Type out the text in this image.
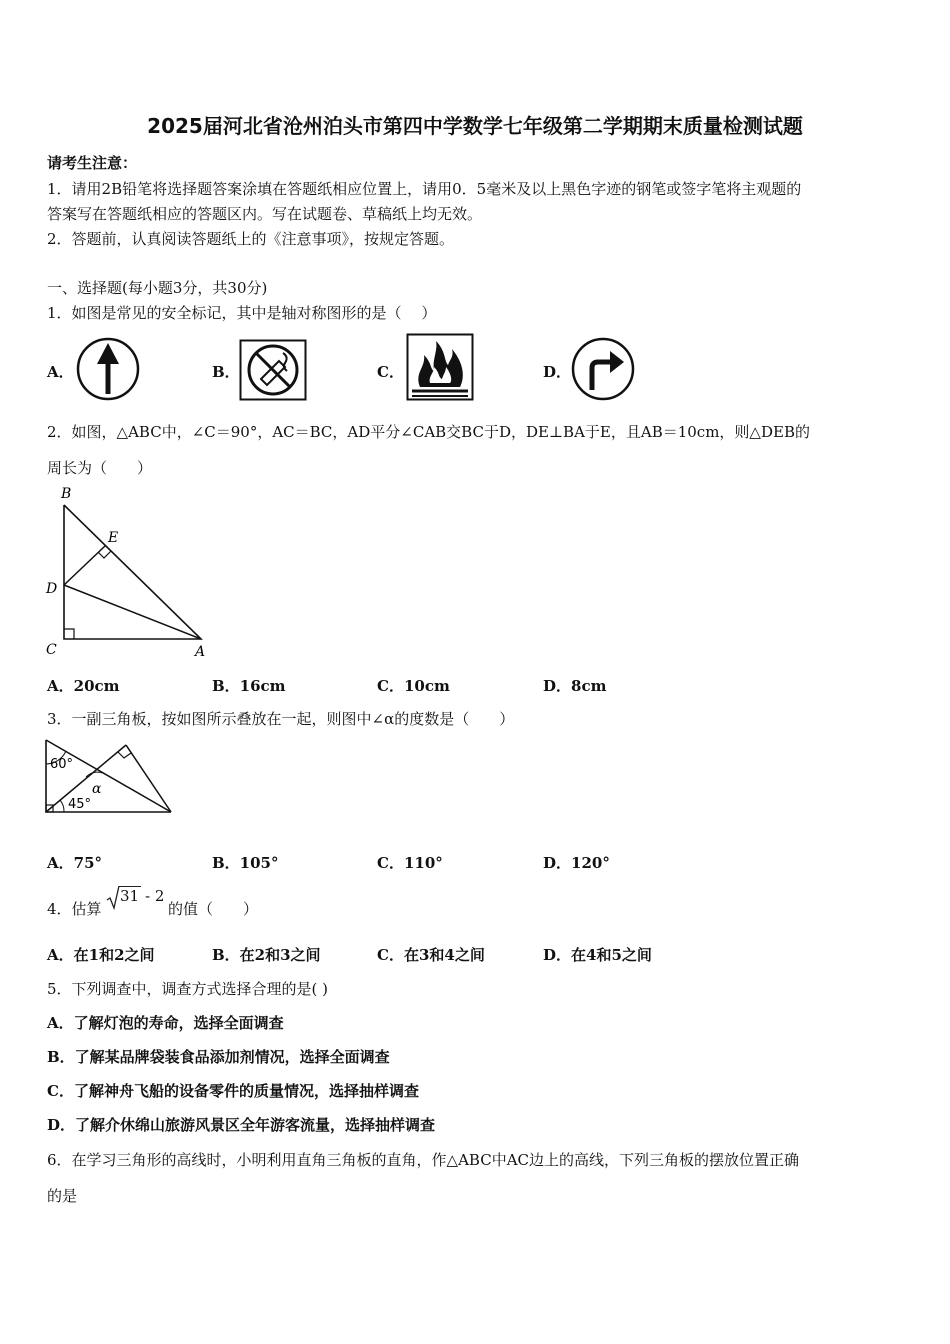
2025届河北省沧州泊头市第四中学数学七年级第二学期期末质量检测试题
请考生注意：
1．请用2B铅笔将选择题答案涂填在答题纸相应位置上，请用0．5毫米及以上黑色字迹的钢笔或签字笔将主观题的
答案写在答题纸相应的答题区内。写在试题卷、草稿纸上均无效。
2．答题前，认真阅读答题纸上的《注意事项》，按规定答题。
一、选择题(每小题3分，共30分)
1．如图是常见的安全标记，其中是轴对称图形的是（　 ）
A．	B．	C．	D．
2．如图，△ABC中，∠C＝90°，AC＝BC，AD平分∠CAB交BC于D，DE⊥BA于E，且AB＝10cm，则△DEB的
周长为（　　）
B
E
D
C	A
A．20cm	B．16cm	C．10cm	D．8cm
3．一副三角板，按如图所示叠放在一起，则图中∠α的度数是（　　）
60°
α
45°
A．75°	B．105°	C．110°	D．120°
4．估算
31 - 2
的值（　　）
A．在1和2之间	B．在2和3之间	C．在3和4之间	D．在4和5之间
5．下列调查中，调查方式选择合理的是( )
A．了解灯泡的寿命，选择全面调查
B．了解某品牌袋装食品添加剂情况，选择全面调查
C．了解神舟飞船的设备零件的质量情况，选择抽样调查
D．了解介休绵山旅游风景区全年游客流量，选择抽样调查
6．在学习三角形的高线时，小明利用直角三角板的直角，作△ABC中AC边上的高线，下列三角板的摆放位置正确
的是
